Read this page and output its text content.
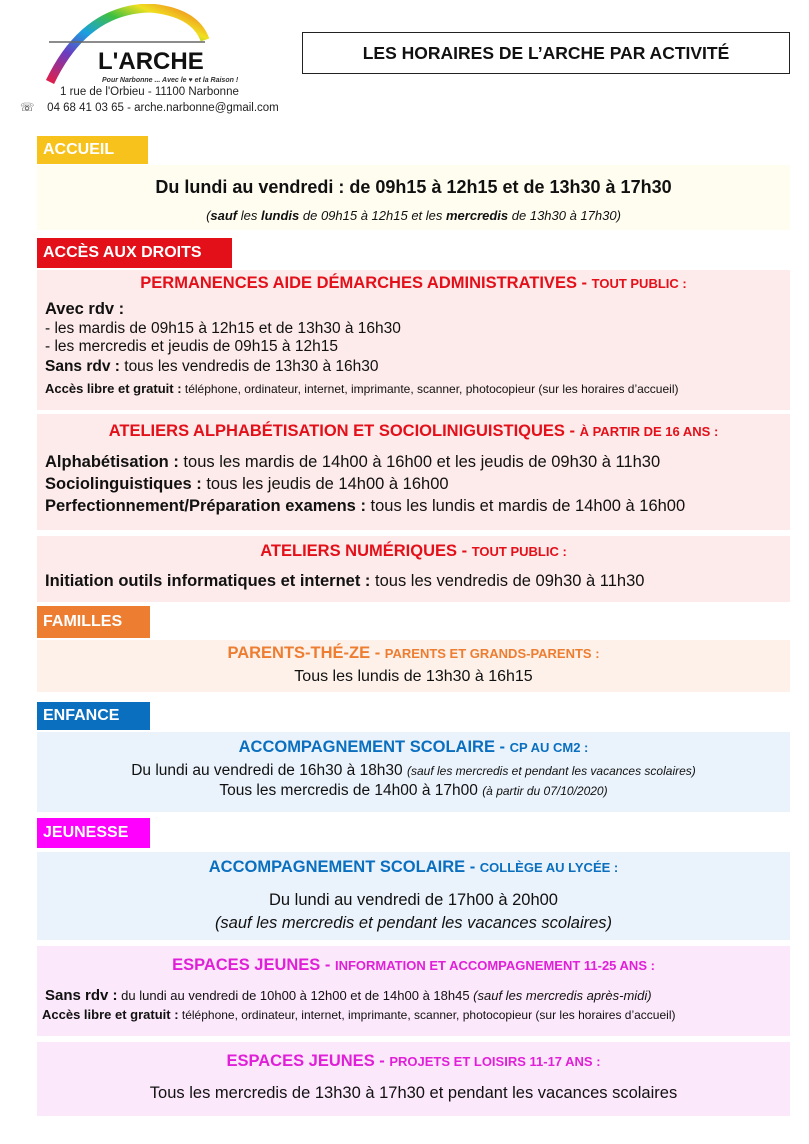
L'ARCHE
Pour Narbonne ... Avec le ♥ et la Raison !
1 rue de l'Orbieu - 11100 Narbonne
☏    04 68 41 03 65 - arche.narbonne@gmail.com
LES HORAIRES DE L’ARCHE PAR ACTIVITÉ
ACCUEIL
Du lundi au vendredi : de 09h15 à 12h15 et de 13h30 à 17h30
(sauf les lundis de 09h15 à 12h15 et les mercredis de 13h30 à 17h30)
ACCÈS AUX DROITS
PERMANENCES AIDE DÉMARCHES ADMINISTRATIVES - TOUT PUBLIC :
Avec rdv :
- les mardis de 09h15 à 12h15 et de 13h30 à 16h30
- les mercredis et jeudis de 09h15 à 12h15
Sans rdv : tous les vendredis de 13h30 à 16h30
Accès libre et gratuit : téléphone, ordinateur, internet, imprimante, scanner, photocopieur (sur les horaires d’accueil)
ATELIERS ALPHABÉTISATION ET SOCIOLINIGUISTIQUES - À PARTIR DE 16 ANS :
Alphabétisation : tous les mardis de 14h00 à 16h00 et les jeudis de 09h30 à 11h30
Sociolinguistiques : tous les jeudis de 14h00 à 16h00
Perfectionnement/Préparation examens : tous les lundis et mardis de 14h00 à 16h00
ATELIERS NUMÉRIQUES - TOUT PUBLIC :
Initiation outils informatiques et internet : tous les vendredis de 09h30 à 11h30
FAMILLES
PARENTS-THÉ-ZE - PARENTS ET GRANDS-PARENTS :
Tous les lundis de 13h30 à 16h15
ENFANCE
ACCOMPAGNEMENT SCOLAIRE - CP AU CM2 :
Du lundi au vendredi de 16h30 à 18h30 (sauf les mercredis et pendant les vacances scolaires)
Tous les mercredis de 14h00 à 17h00 (à partir du 07/10/2020)
JEUNESSE
ACCOMPAGNEMENT SCOLAIRE - COLLÈGE AU LYCÉE :
Du lundi au vendredi de 17h00 à 20h00
(sauf les mercredis et pendant les vacances scolaires)
ESPACES JEUNES - INFORMATION ET ACCOMPAGNEMENT 11-25 ANS :
Sans rdv : du lundi au vendredi de 10h00 à 12h00 et de 14h00 à 18h45 (sauf les mercredis après-midi)
Accès libre et gratuit : téléphone, ordinateur, internet, imprimante, scanner, photocopieur (sur les horaires d’accueil)
ESPACES JEUNES - PROJETS ET LOISIRS 11-17 ANS :
Tous les mercredis de 13h30 à 17h30 et pendant les vacances scolaires
